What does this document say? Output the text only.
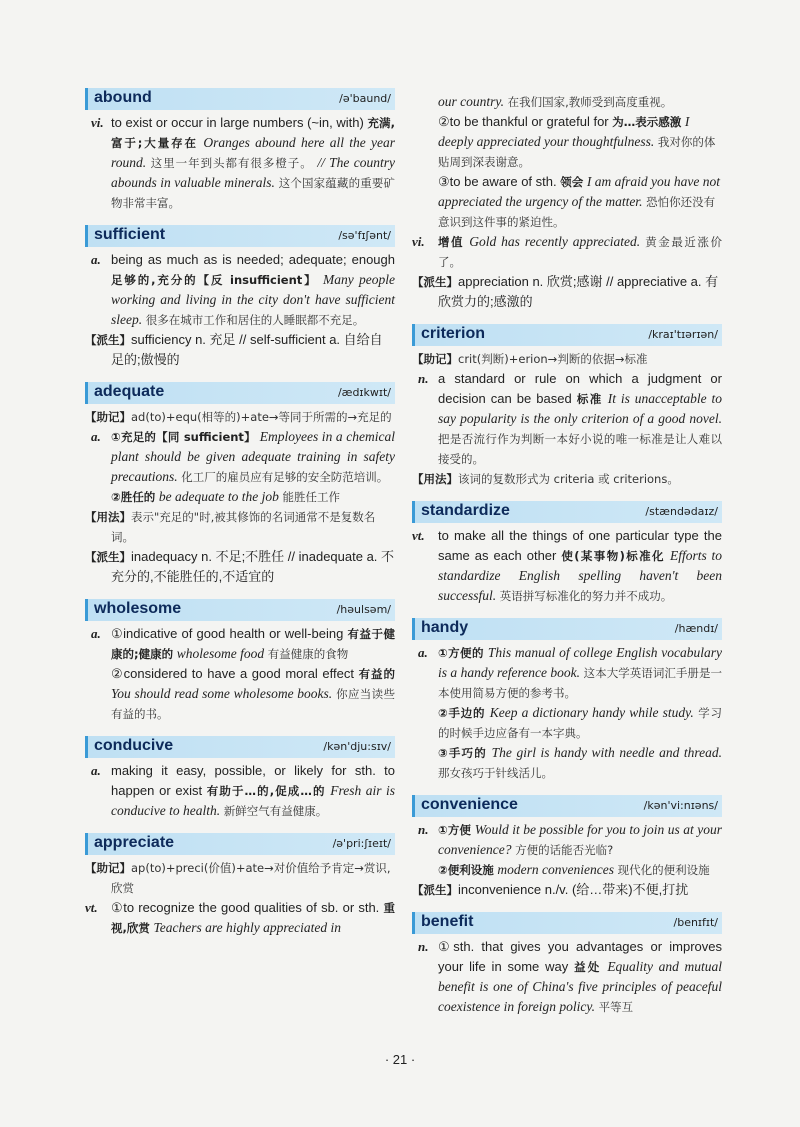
abound	/ə'baund/
vi. to exist or occur in large numbers (~in, with) 充满,富于;大量存在 Oranges abound here all the year round. 这里一年到头都有很多橙子。 // The country abounds in valuable minerals. 这个国家蕴藏的重要矿物非常丰富。
sufficient	/sə'fɪʃənt/
a. being as much as is needed; adequate; enough 足够的,充分的【反 insufficient】 Many people working and living in the city don't have sufficient sleep. 很多在城市工作和居住的人睡眠都不充足。
【派生】sufficiency n. 充足 // self-sufficient a. 自给自足的;傲慢的
adequate	/ædɪkwɪt/
【助记】ad(to)+equ(相等的)+ate→等同于所需的→充足的
a. ①充足的【同 sufficient】 Employees in a chemical plant should be given adequate training in safety precautions. 化工厂的雇员应有足够的安全防范培训。
②胜任的 be adequate to the job 能胜任工作
【用法】表示"充足的"时,被其修饰的名词通常不是复数名词。
【派生】inadequacy n. 不足;不胜任 // inadequate a. 不充分的,不能胜任的,不适宜的
wholesome	/həulsəm/
a. ①indicative of good health or well-being 有益于健康的;健康的 wholesome food 有益健康的食物
②considered to have a good moral effect 有益的 You should read some wholesome books. 你应当读些有益的书。
conducive	/kən'dju:sɪv/
a. making it easy, possible, or likely for sth. to happen or exist 有助于…的,促成…的 Fresh air is conducive to health. 新鲜空气有益健康。
appreciate	/ə'pri:ʃɪeɪt/
【助记】ap(to)+preci(价值)+ate→对价值给予肯定→赏识,欣赏
vt. ①to recognize the good qualities of sb. or sth. 重视,欣赏 Teachers are highly appreciated in
our country. 在我们国家,教师受到高度重视。
②to be thankful or grateful for 为…表示感激 I deeply appreciated your thoughtfulness. 我对你的体贴周到深表谢意。
③to be aware of sth. 领会 I am afraid you have not appreciated the urgency of the matter. 恐怕你还没有意识到这件事的紧迫性。
vi. 增值 Gold has recently appreciated. 黄金最近涨价了。
【派生】appreciation n. 欣赏;感谢 // appreciative a. 有欣赏力的;感激的
criterion	/kraɪ'tɪərɪən/
【助记】crit(判断)+erion→判断的依据→标准
n. a standard or rule on which a judgment or decision can be based 标准 It is unacceptable to say popularity is the only criterion of a good novel. 把是否流行作为判断一本好小说的唯一标准是让人难以接受的。
【用法】该词的复数形式为 criteria 或 criterions。
standardize	/stændədaɪz/
vt. to make all the things of one particular type the same as each other 使(某事物)标准化 Efforts to standardize English spelling haven't been successful. 英语拼写标准化的努力并不成功。
handy	/hændɪ/
a. ①方便的 This manual of college English vocabulary is a handy reference book. 这本大学英语词汇手册是一本使用简易方便的参考书。
②手边的 Keep a dictionary handy while study. 学习的时候手边应备有一本字典。
③手巧的 The girl is handy with needle and thread. 那女孩巧于针线活儿。
convenience	/kən'vi:nɪəns/
n. ①方便 Would it be possible for you to join us at your convenience? 方便的话能否光临?
②便利设施 modern conveniences 现代化的便利设施
【派生】inconvenience n./v. (给…带来)不便,打扰
benefit	/benɪfɪt/
n. ①sth. that gives you advantages or improves your life in some way 益处 Equality and mutual benefit is one of China's five principles of peaceful coexistence in foreign policy. 平等互
· 21 ·
